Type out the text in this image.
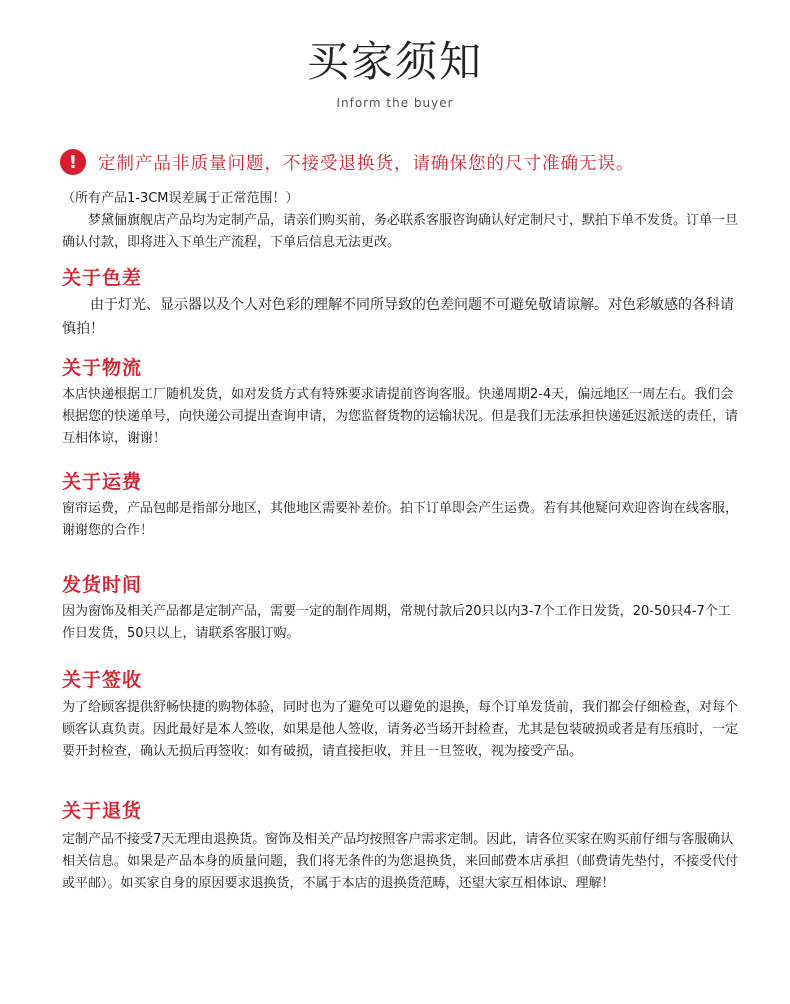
买家须知
Inform the buyer
!	定制产品非质量问题，不接受退换货，请确保您的尺寸准确无误。

（所有产品1-3CM误差属于正常范围！）

梦黛俪旗舰店产品均为定制产品，请亲们购买前，务必联系客服咨询确认好定制尺寸，默拍下单不发货。订单一旦确认付款，即将进入下单生产流程，下单后信息无法更改。

关于色差

由于灯光、显示器以及个人对色彩的理解不同所导致的色差问题不可避免敬请谅解。对色彩敏感的各科请慎拍！

关于物流

本店快递根据工厂随机发货，如对发货方式有特殊要求请提前咨询客服。快递周期2-4天，偏远地区一周左右。我们会根据您的快递单号，向快递公司提出查询申请，为您监督货物的运输状况。但是我们无法承担快递延迟派送的责任，请互相体谅，谢谢！

关于运费

窗帘运费，产品包邮是指部分地区，其他地区需要补差价。拍下订单即会产生运费。若有其他疑问欢迎咨询在线客服，谢谢您的合作！

发货时间

因为窗饰及相关产品都是定制产品，需要一定的制作周期，常规付款后20只以内3-7个工作日发货，20-50只4-7个工作日发货，50只以上，请联系客服订购。

关于签收

为了给顾客提供舒畅快捷的购物体验，同时也为了避免可以避免的退换，每个订单发货前，我们都会仔细检查，对每个顾客认真负责。因此最好是本人签收，如果是他人签收，请务必当场开封检查，尤其是包装破损或者是有压痕时，一定要开封检查，确认无损后再签收：如有破损，请直接拒收，并且一旦签收，视为接受产品。

关于退货

定制产品不接受7天无理由退换货。窗饰及相关产品均按照客户需求定制。因此，请各位买家在购买前仔细与客服确认相关信息。如果是产品本身的质量问题，我们将无条件的为您退换货，来回邮费本店承担（邮费请先垫付，不接受代付或平邮）。如买家自身的原因要求退换货，不属于本店的退换货范畴，还望大家互相体谅、理解！
